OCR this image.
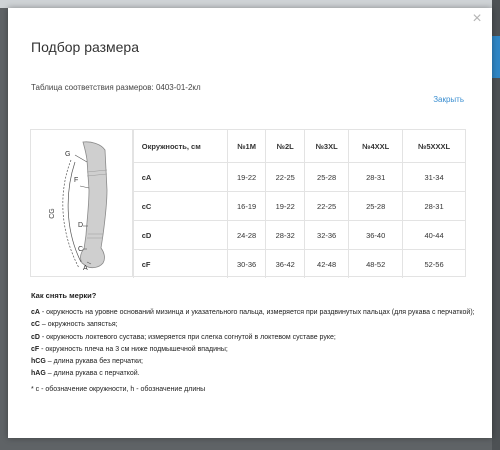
×
Подбор размера
Таблица соответствия размеров: 0403-01-2кл
Закрыть
G
F
CG
D
C
A
Окружность, см	№1M	№2L	№3XL	№4XXL	№5XXXL
cA	19-22	22-25	25-28	28-31	31-34
cC	16-19	19-22	22-25	25-28	28-31
cD	24-28	28-32	32-36	36-40	40-44
cF	30-36	36-42	42-48	48-52	52-56
Как снять мерки?
cA - окружность на уровне оснований мизинца и указательного пальца, измеряется при раздвинутых пальцах (для рукава с перчаткой);
cC – окружность запястья;
cD - окружность локтевого сустава; измеряется при слегка согнутой в локтевом суставе руке;
cF - окружность плеча на 3 см ниже подмышечной впадины;
hCG – длина рукава без перчатки;
hAG – длина рукава с перчаткой.
* c - обозначение окружности, h - обозначение длины
